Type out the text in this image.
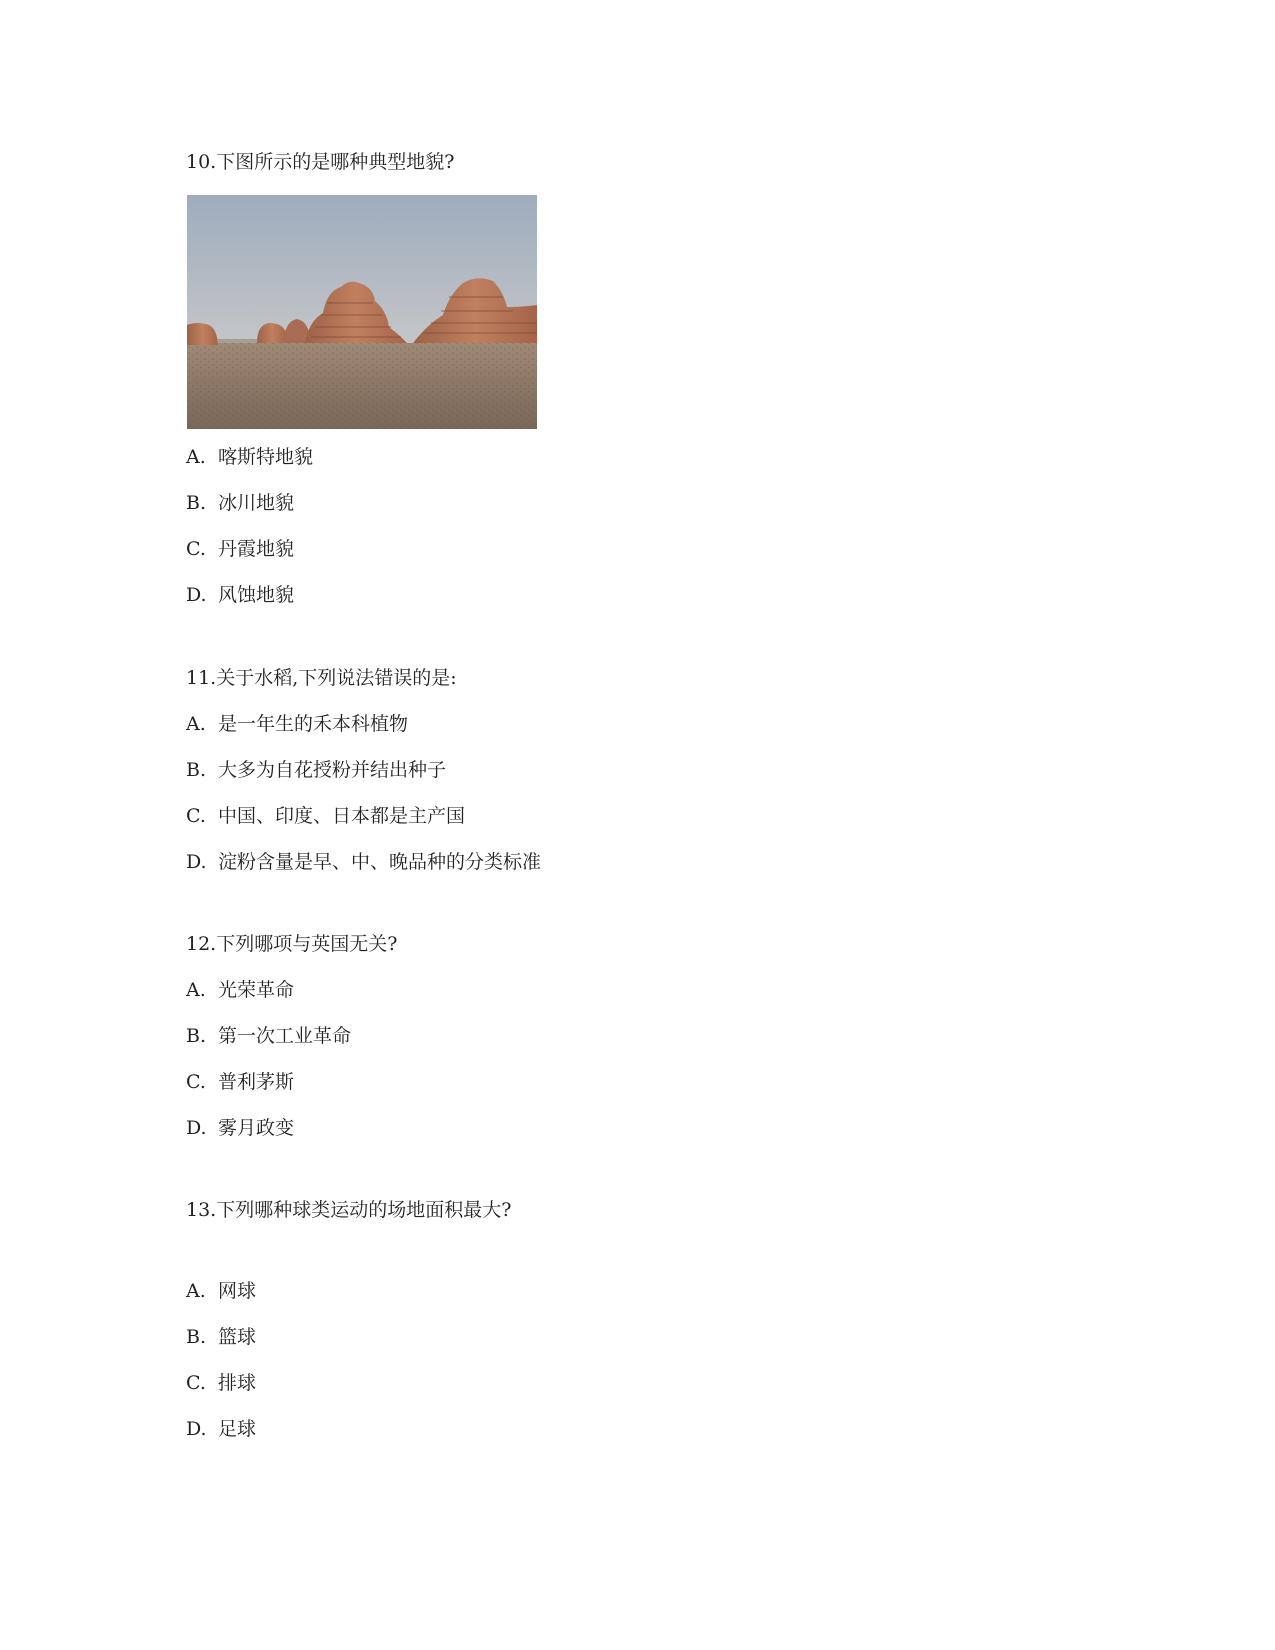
10.下图所示的是哪种典型地貌?
A. 喀斯特地貌
B. 冰川地貌
C. 丹霞地貌
D. 风蚀地貌
11.关于水稻,下列说法错误的是:
A. 是一年生的禾本科植物
B. 大多为自花授粉并结出种子
C. 中国、印度、日本都是主产国
D. 淀粉含量是早、中、晚品种的分类标准
12.下列哪项与英国无关?
A. 光荣革命
B. 第一次工业革命
C. 普利茅斯
D. 雾月政变
13.下列哪种球类运动的场地面积最大?
A. 网球
B. 篮球
C. 排球
D. 足球
